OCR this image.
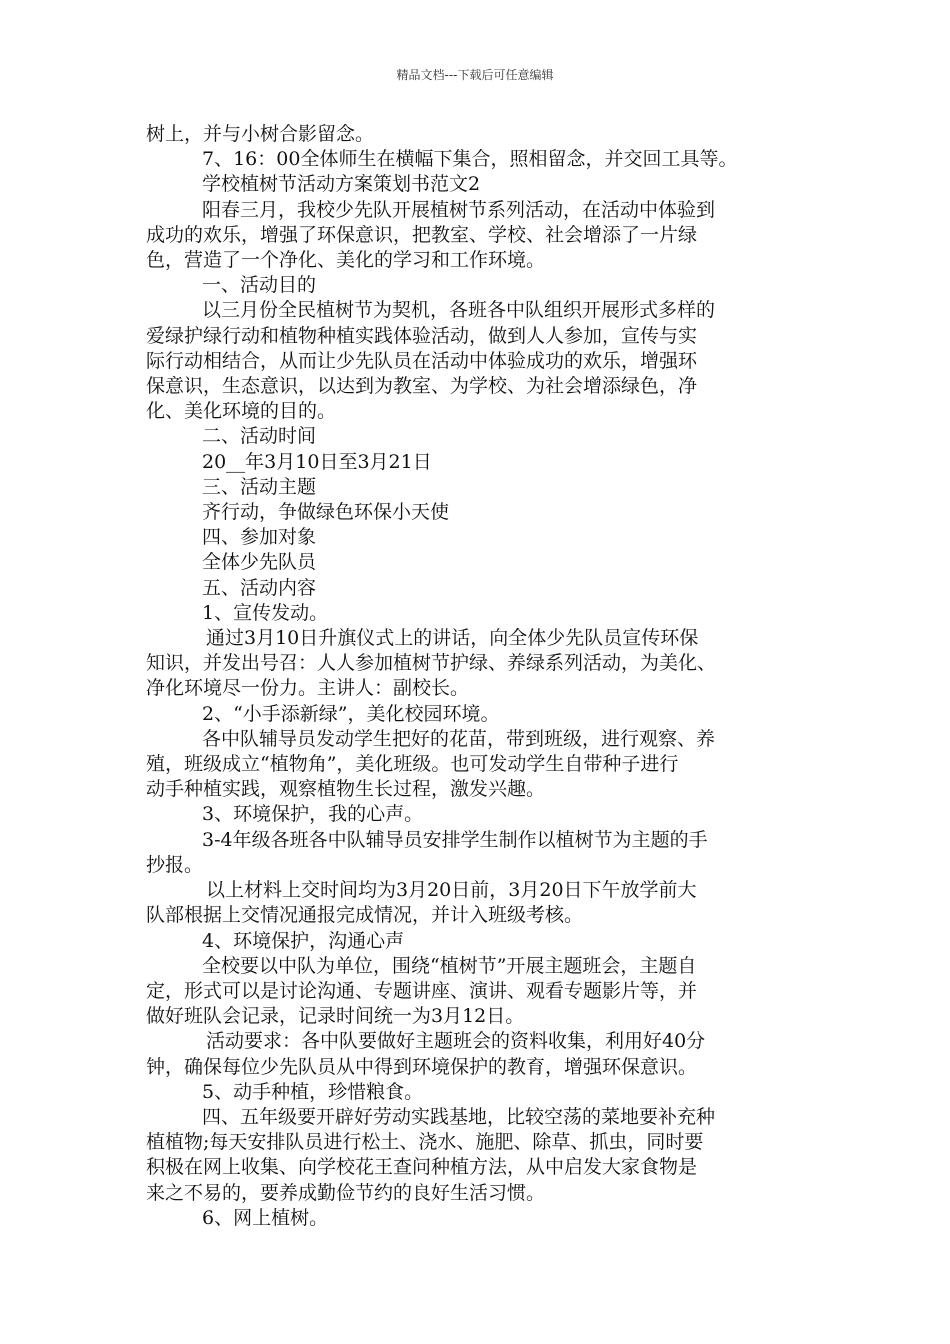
精品文档---下载后可任意编辑
树上，并与小树合影留念。
7、16：00全体师生在横幅下集合，照相留念，并交回工具等。
学校植树节活动方案策划书范文2
阳春三月，我校少先队开展植树节系列活动，在活动中体验到
成功的欢乐，增强了环保意识，把教室、学校、社会增添了一片绿
色，营造了一个净化、美化的学习和工作环境。
一、活动目的
以三月份全民植树节为契机，各班各中队组织开展形式多样的
爱绿护绿行动和植物种植实践体验活动，做到人人参加，宣传与实
际行动相结合，从而让少先队员在活动中体验成功的欢乐，增强环
保意识，生态意识，以达到为教室、为学校、为社会增添绿色，净
化、美化环境的目的。
二、活动时间
20__年3月10日至3月21日
三、活动主题
齐行动，争做绿色环保小天使
四、参加对象
全体少先队员
五、活动内容
1、宣传发动。
通过3月10日升旗仪式上的讲话，向全体少先队员宣传环保
知识，并发出号召：人人参加植树节护绿、养绿系列活动，为美化、
净化环境尽一份力。主讲人：副校长。
2、“小手添新绿”，美化校园环境。
各中队辅导员发动学生把好的花苗，带到班级，进行观察、养
殖，班级成立“植物角”，美化班级。也可发动学生自带种子进行
动手种植实践，观察植物生长过程，激发兴趣。
3、环境保护，我的心声。
3-4年级各班各中队辅导员安排学生制作以植树节为主题的手
抄报。
以上材料上交时间均为3月20日前，3月20日下午放学前大
队部根据上交情况通报完成情况，并计入班级考核。
4、环境保护，沟通心声
全校要以中队为单位，围绕“植树节”开展主题班会，主题自
定，形式可以是讨论沟通、专题讲座、演讲、观看专题影片等，并
做好班队会记录，记录时间统一为3月12日。
活动要求：各中队要做好主题班会的资料收集，利用好40分
钟，确保每位少先队员从中得到环境保护的教育，增强环保意识。
5、动手种植，珍惜粮食。
四、五年级要开辟好劳动实践基地，比较空荡的菜地要补充种
植植物;每天安排队员进行松土、浇水、施肥、除草、抓虫，同时要
积极在网上收集、向学校花王查问种植方法，从中启发大家食物是
来之不易的，要养成勤俭节约的良好生活习惯。
6、网上植树。
